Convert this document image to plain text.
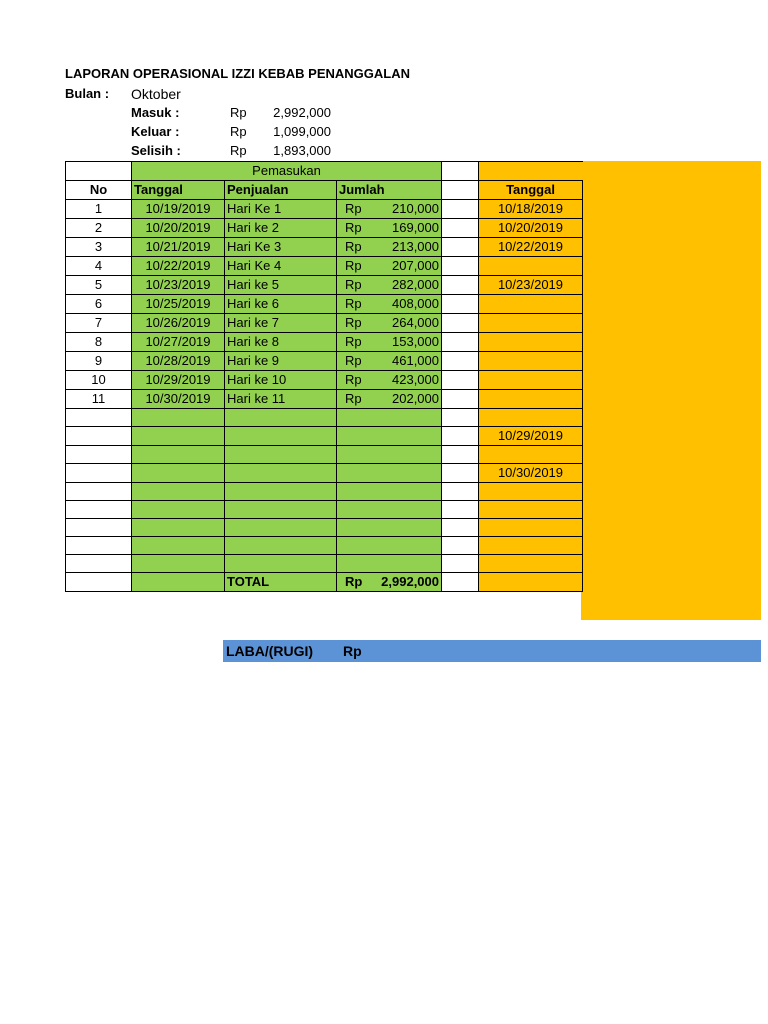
LAPORAN OPERASIONAL IZZI KEBAB PENANGGALAN
Bulan : Oktober
Masuk :	Rp	2,992,000
Keluar :	Rp	1,099,000
Selisih :	Rp	1,893,000
	Pemasukan				
No	Tanggal	Penjualan	Jumlah		Tanggal
1	10/19/2019	Hari Ke 1	Rp 210,000		10/18/2019
2	10/20/2019	Hari ke 2	Rp 169,000		10/20/2019
3	10/21/2019	Hari Ke 3	Rp 213,000		10/22/2019
4	10/22/2019	Hari Ke 4	Rp 207,000		

5	10/23/2019	Hari ke 5	Rp 282,000		10/23/2019
6	10/25/2019	Hari ke 6	Rp 408,000		

7	10/26/2019	Hari ke 7	Rp 264,000		

8	10/27/2019	Hari ke 8	Rp 153,000		

9	10/28/2019	Hari ke 9	Rp 461,000		

10	10/29/2019	Hari ke 10	Rp 423,000		

11	10/30/2019	Hari ke 11	Rp 202,000		

					10/29/2019

					10/30/2019

		TOTAL	Rp 2,992,000		

LABA/(RUGI) Rp
